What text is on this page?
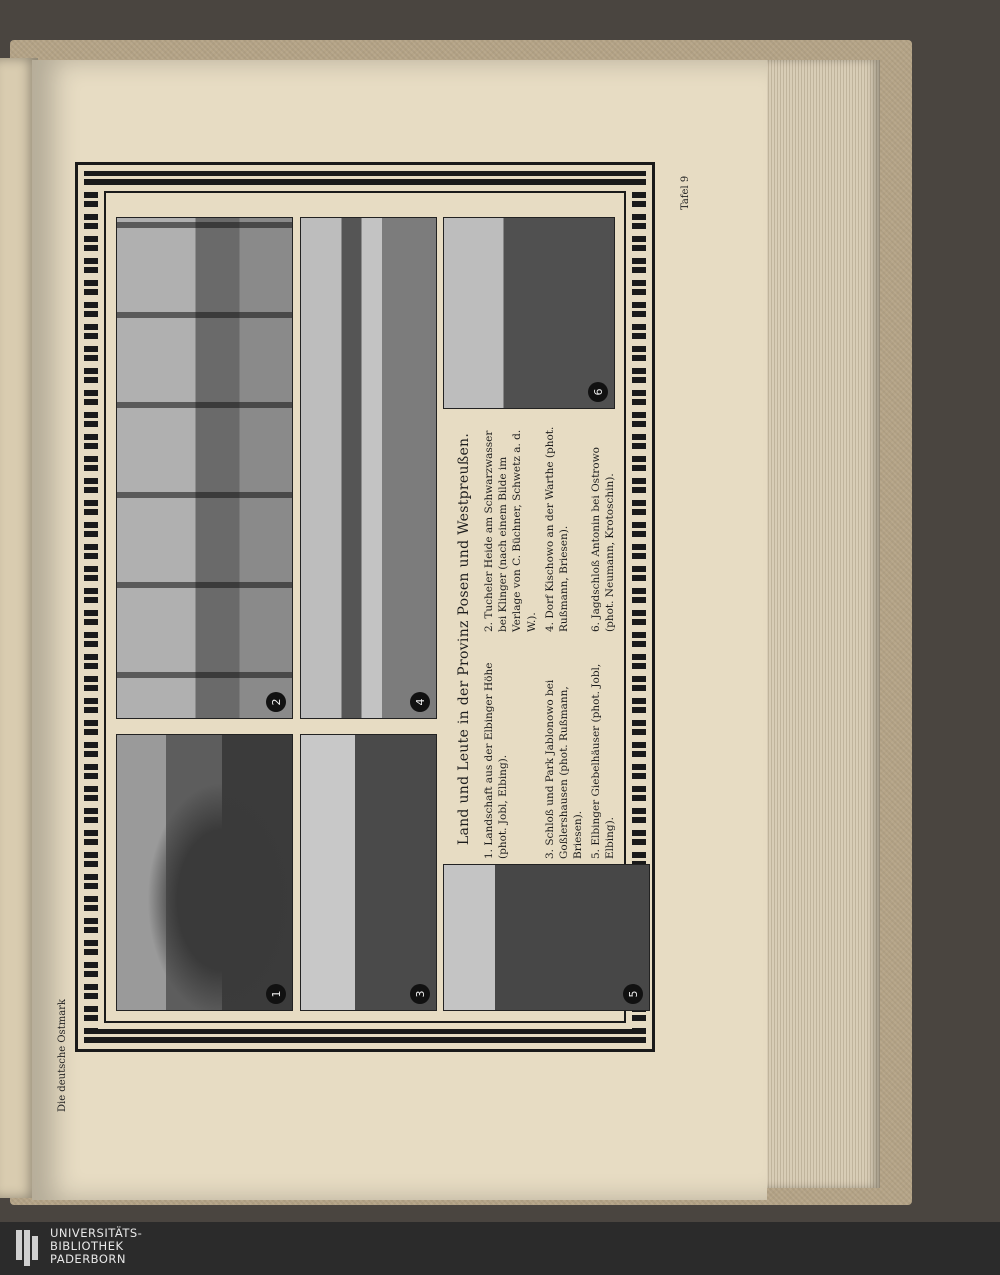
1
2
3
4
5
6
Land und Leute in der Provinz Posen und Westpreußen. 1. Landschaft aus der Elbinger Höhe (phot. Jobl, Elbing).
2. Tucheler Heide am Schwarzwasser bei Klinger (nach einem Bilde im Verlage von C. Büchner, Schwetz a. d. W.).
3. Schloß und Park Jablonowo bei Goßlershausen (phot. Rußmann, Briesen).
4. Dorf Kischowo an der Warthe (phot. Rußmann, Briesen).
5. Elbinger Giebelhäuser (phot. Jobl, Elbing).
6. Jagdschloß Antonin bei Ostrowo (phot. Neumann, Krotoschin).
Die deutsche Ostmark
Tafel 9
UNIVERSITÄTS-
BIBLIOTHEK
PADERBORN
